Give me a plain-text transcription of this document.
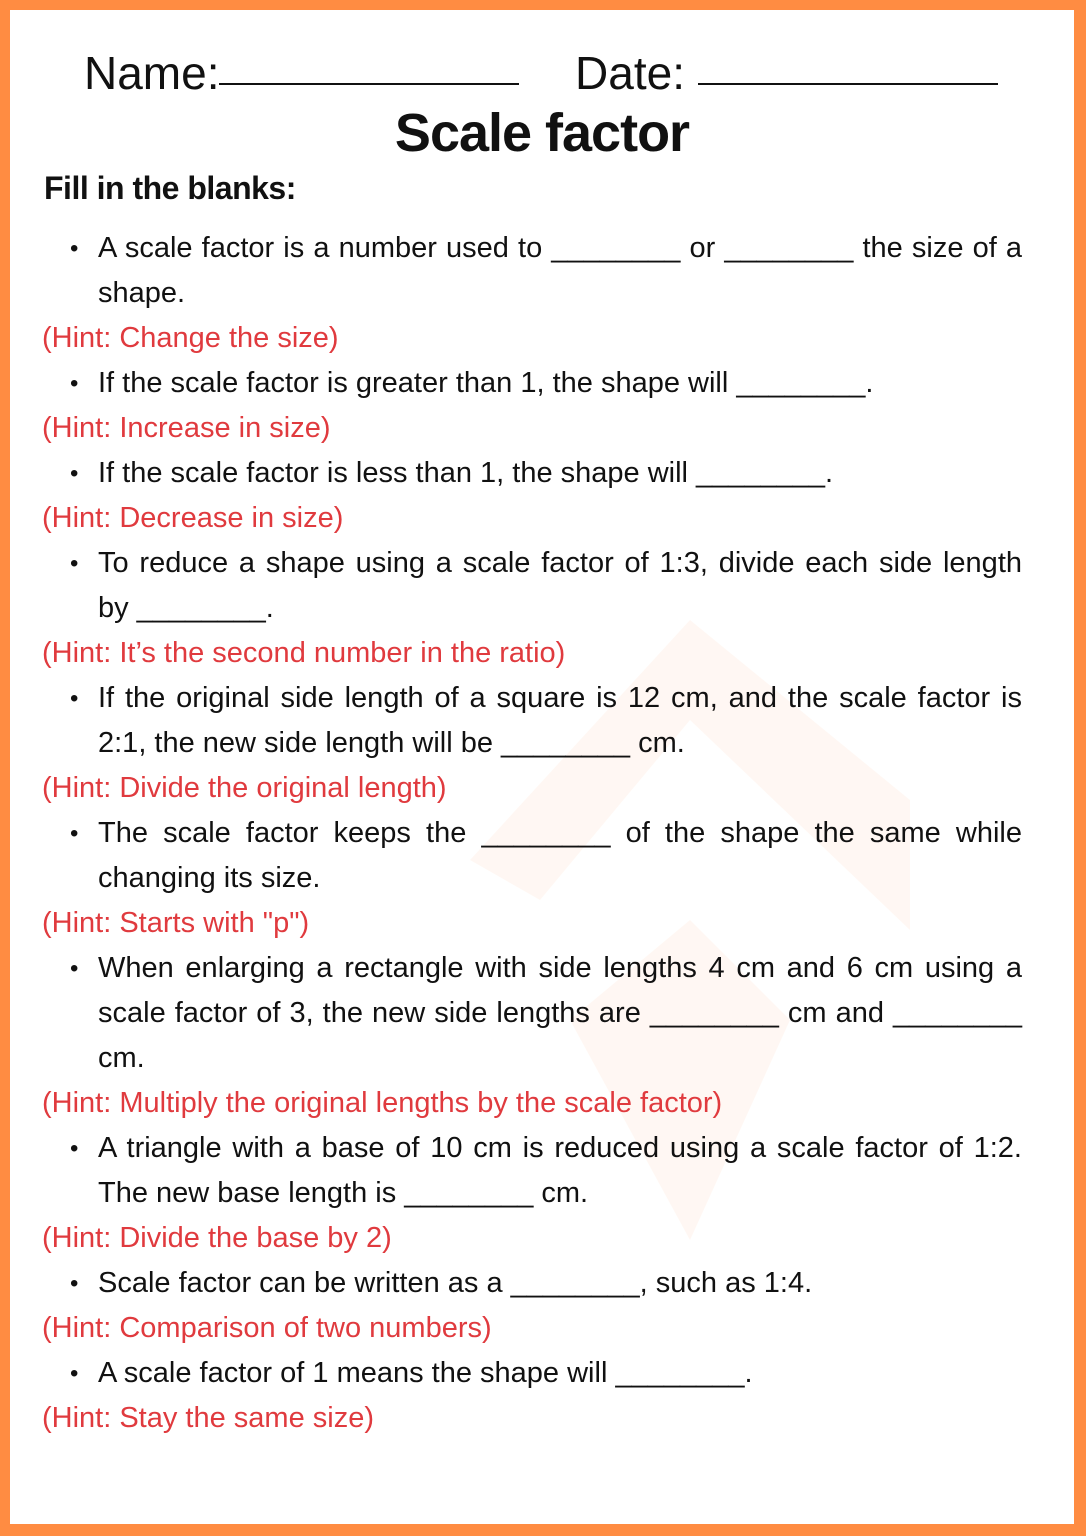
Name:	Date:
Scale factor
Fill in the blanks:
• A scale factor is a number used to ________ or ________ the size of a shape.
(Hint: Change the size)
• If the scale factor is greater than 1, the shape will ________.
(Hint: Increase in size)
• If the scale factor is less than 1, the shape will ________.
(Hint: Decrease in size)
• To reduce a shape using a scale factor of 1:3, divide each side length by ________.
(Hint: It’s the second number in the ratio)
• If the original side length of a square is 12 cm, and the scale factor is 2:1, the new side length will be ________ cm.
(Hint: Divide the original length)
• The scale factor keeps the ________ of the shape the same while changing its size.
(Hint: Starts with "p")
• When enlarging a rectangle with side lengths 4 cm and 6 cm using a scale factor of 3, the new side lengths are ________ cm and ________ cm.
(Hint: Multiply the original lengths by the scale factor)
• A triangle with a base of 10 cm is reduced using a scale factor of 1:2. The new base length is ________ cm.
(Hint: Divide the base by 2)
• Scale factor can be written as a ________, such as 1:4.
(Hint: Comparison of two numbers)
• A scale factor of 1 means the shape will ________.
(Hint: Stay the same size)
